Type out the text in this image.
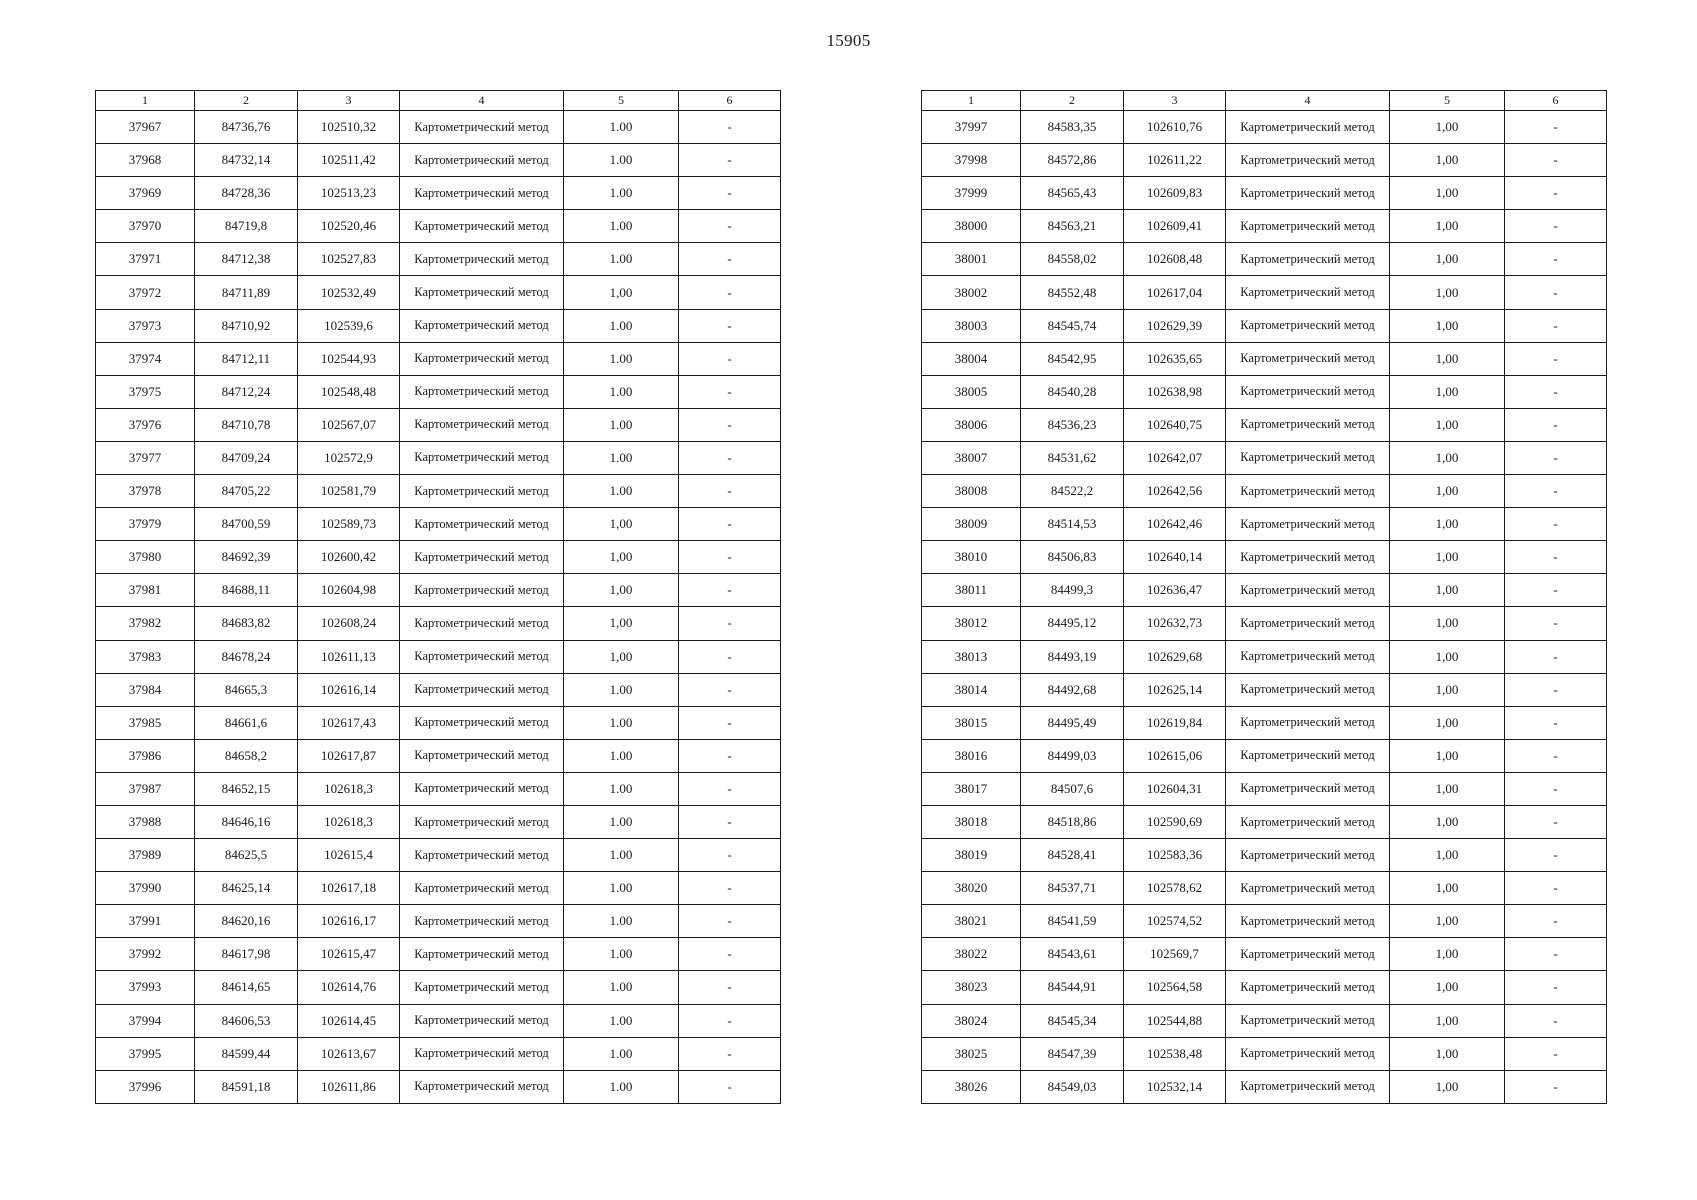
15905
1	2	3	4	5	6
37967	84736,76	102510,32	Картометрический метод	1.00	-
37968	84732,14	102511,42	Картометрический метод	1.00	-
37969	84728,36	102513,23	Картометрический метод	1.00	-
37970	84719,8	102520,46	Картометрический метод	1.00	-
37971	84712,38	102527,83	Картометрический метод	1.00	-
37972	84711,89	102532,49	Картометрический метод	1,00	-
37973	84710,92	102539,6	Картометрический метод	1.00	-
37974	84712,11	102544,93	Картометрический метод	1.00	-
37975	84712,24	102548,48	Картометрический метод	1.00	-
37976	84710,78	102567,07	Картометрический метод	1.00	-
37977	84709,24	102572,9	Картометрический метод	1.00	-
37978	84705,22	102581,79	Картометрический метод	1.00	-
37979	84700,59	102589,73	Картометрический метод	1,00	-
37980	84692,39	102600,42	Картометрический метод	1,00	-
37981	84688,11	102604,98	Картометрический метод	1,00	-
37982	84683,82	102608,24	Картометрический метод	1,00	-
37983	84678,24	102611,13	Картометрический метод	1,00	-
37984	84665,3	102616,14	Картометрический метод	1.00	-
37985	84661,6	102617,43	Картометрический метод	1.00	-
37986	84658,2	102617,87	Картометрический метод	1.00	-
37987	84652,15	102618,3	Картометрический метод	1.00	-
37988	84646,16	102618,3	Картометрический метод	1.00	-
37989	84625,5	102615,4	Картометрический метод	1.00	-
37990	84625,14	102617,18	Картометрический метод	1.00	-
37991	84620,16	102616,17	Картометрический метод	1.00	-
37992	84617,98	102615,47	Картометрический метод	1.00	-
37993	84614,65	102614,76	Картометрический метод	1.00	-
37994	84606,53	102614,45	Картометрический метод	1.00	-
37995	84599,44	102613,67	Картометрический метод	1.00	-
37996	84591,18	102611,86	Картометрический метод	1.00	-
1	2	3	4	5	6
37997	84583,35	102610,76	Картометрический метод	1,00	-
37998	84572,86	102611,22	Картометрический метод	1,00	-
37999	84565,43	102609,83	Картометрический метод	1,00	-
38000	84563,21	102609,41	Картометрический метод	1,00	-
38001	84558,02	102608,48	Картометрический метод	1,00	-
38002	84552,48	102617,04	Картометрический метод	1,00	-
38003	84545,74	102629,39	Картометрический метод	1,00	-
38004	84542,95	102635,65	Картометрический метод	1,00	-
38005	84540,28	102638,98	Картометрический метод	1,00	-
38006	84536,23	102640,75	Картометрический метод	1,00	-
38007	84531,62	102642,07	Картометрический метод	1,00	-
38008	84522,2	102642,56	Картометрический метод	1,00	-
38009	84514,53	102642,46	Картометрический метод	1,00	-
38010	84506,83	102640,14	Картометрический метод	1,00	-
38011	84499,3	102636,47	Картометрический метод	1,00	-
38012	84495,12	102632,73	Картометрический метод	1,00	-
38013	84493,19	102629,68	Картометрический метод	1,00	-
38014	84492,68	102625,14	Картометрический метод	1,00	-
38015	84495,49	102619,84	Картометрический метод	1,00	-
38016	84499,03	102615,06	Картометрический метод	1,00	-
38017	84507,6	102604,31	Картометрический метод	1,00	-
38018	84518,86	102590,69	Картометрический метод	1,00	-
38019	84528,41	102583,36	Картометрический метод	1,00	-
38020	84537,71	102578,62	Картометрический метод	1,00	-
38021	84541,59	102574,52	Картометрический метод	1,00	-
38022	84543,61	102569,7	Картометрический метод	1,00	-
38023	84544,91	102564,58	Картометрический метод	1,00	-
38024	84545,34	102544,88	Картометрический метод	1,00	-
38025	84547,39	102538,48	Картометрический метод	1,00	-
38026	84549,03	102532,14	Картометрический метод	1,00	-
